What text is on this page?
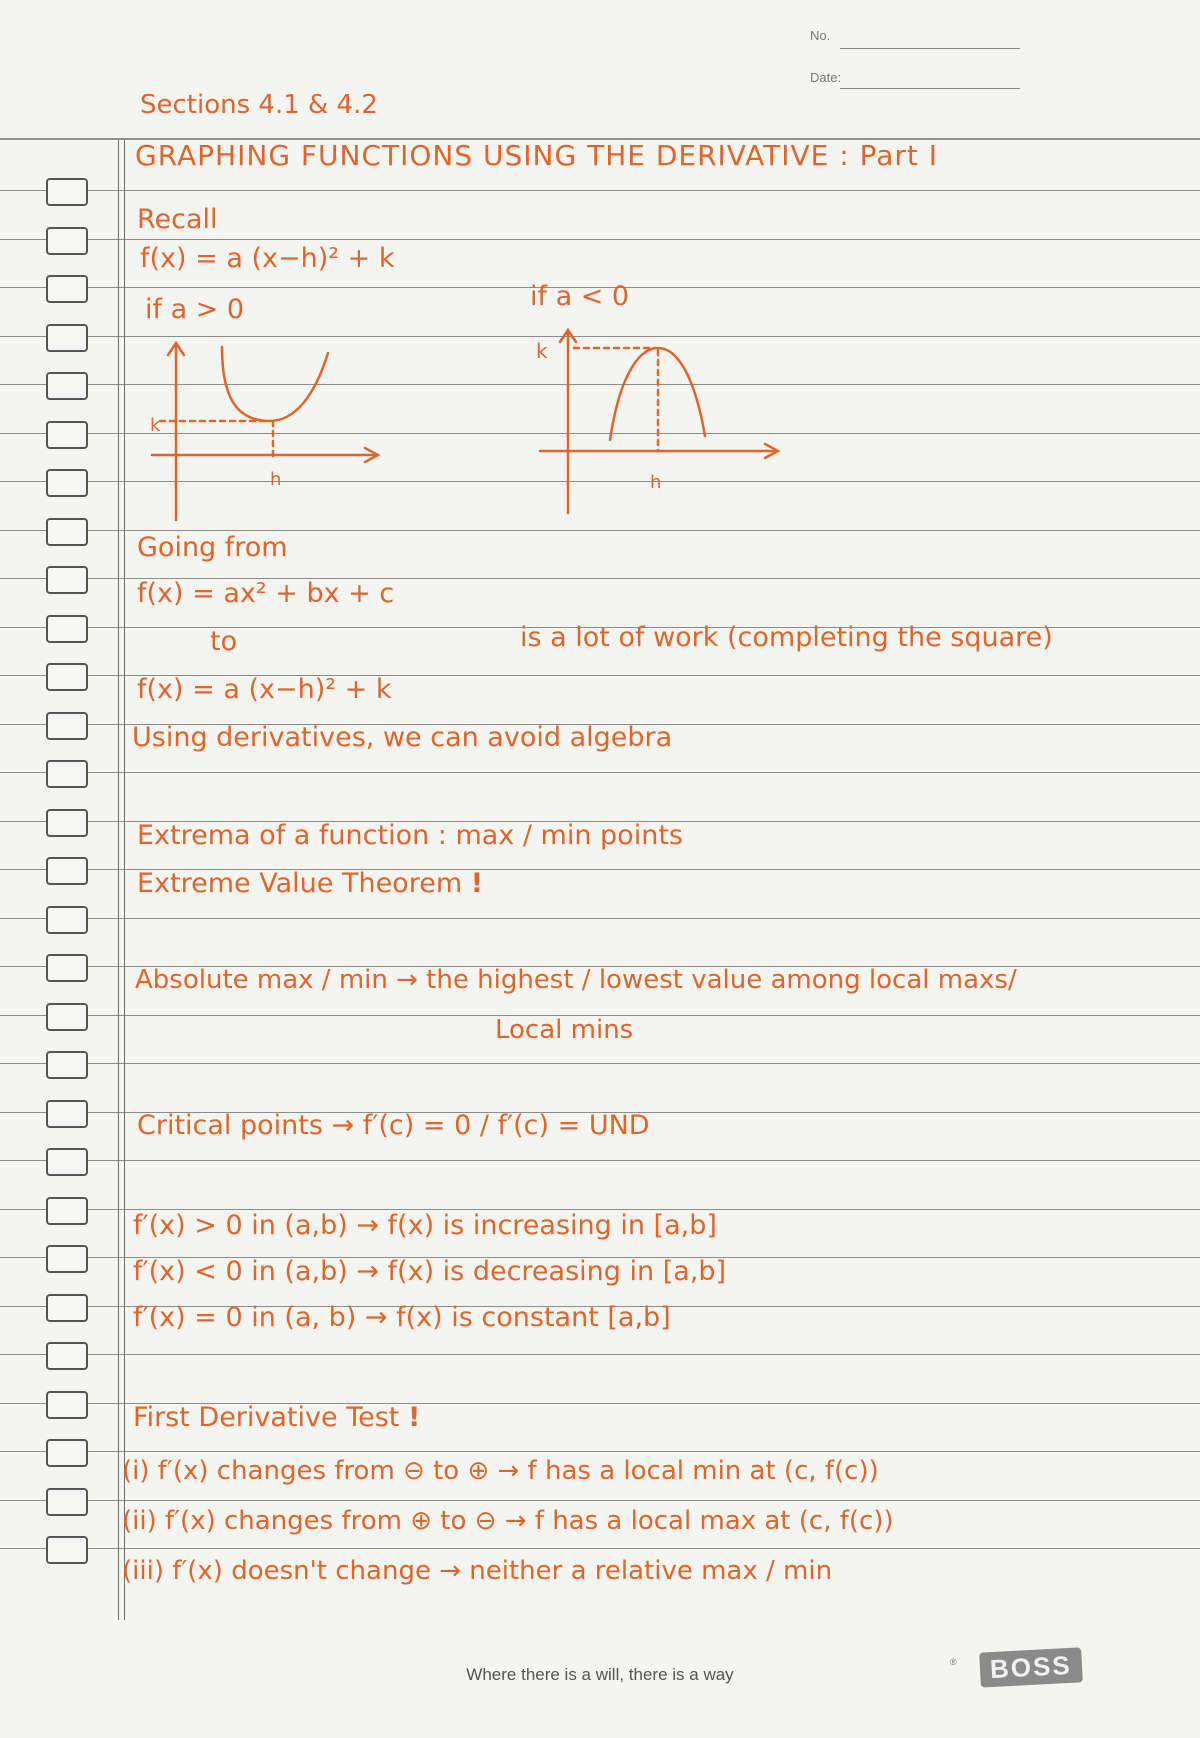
No.
Date:
Sections 4.1 & 4.2
GRAPHING FUNCTIONS USING THE DERIVATIVE : Part I
Recall
f(x) = a (x−h)² + k
if a > 0	if a < 0
k
h
k
h
Going from
f(x) = ax² + bx + c
to	is a lot of work (completing the square)
f(x) = a (x−h)² + k
Using derivatives, we can avoid algebra
Extrema of a function : max / min points
Extreme Value Theorem !
Absolute max / min → the highest / lowest value among local maxs/
Local mins
Critical points → f′(c) = 0 / f′(c) = UND
f′(x) > 0 in (a,b) → f(x) is increasing in [a,b]
f′(x) < 0 in (a,b) → f(x) is decreasing in [a,b]
f′(x) = 0 in (a, b) → f(x) is constant [a,b]
First Derivative Test !
(i) f′(x) changes from ⊖ to ⊕ → f has a local min at (c, f(c))
(ii) f′(x) changes from ⊕ to ⊖ → f has a local max at (c, f(c))
(iii) f′(x) doesn't change → neither a relative max / min
Where there is a will, there is a way
®	BOSS
